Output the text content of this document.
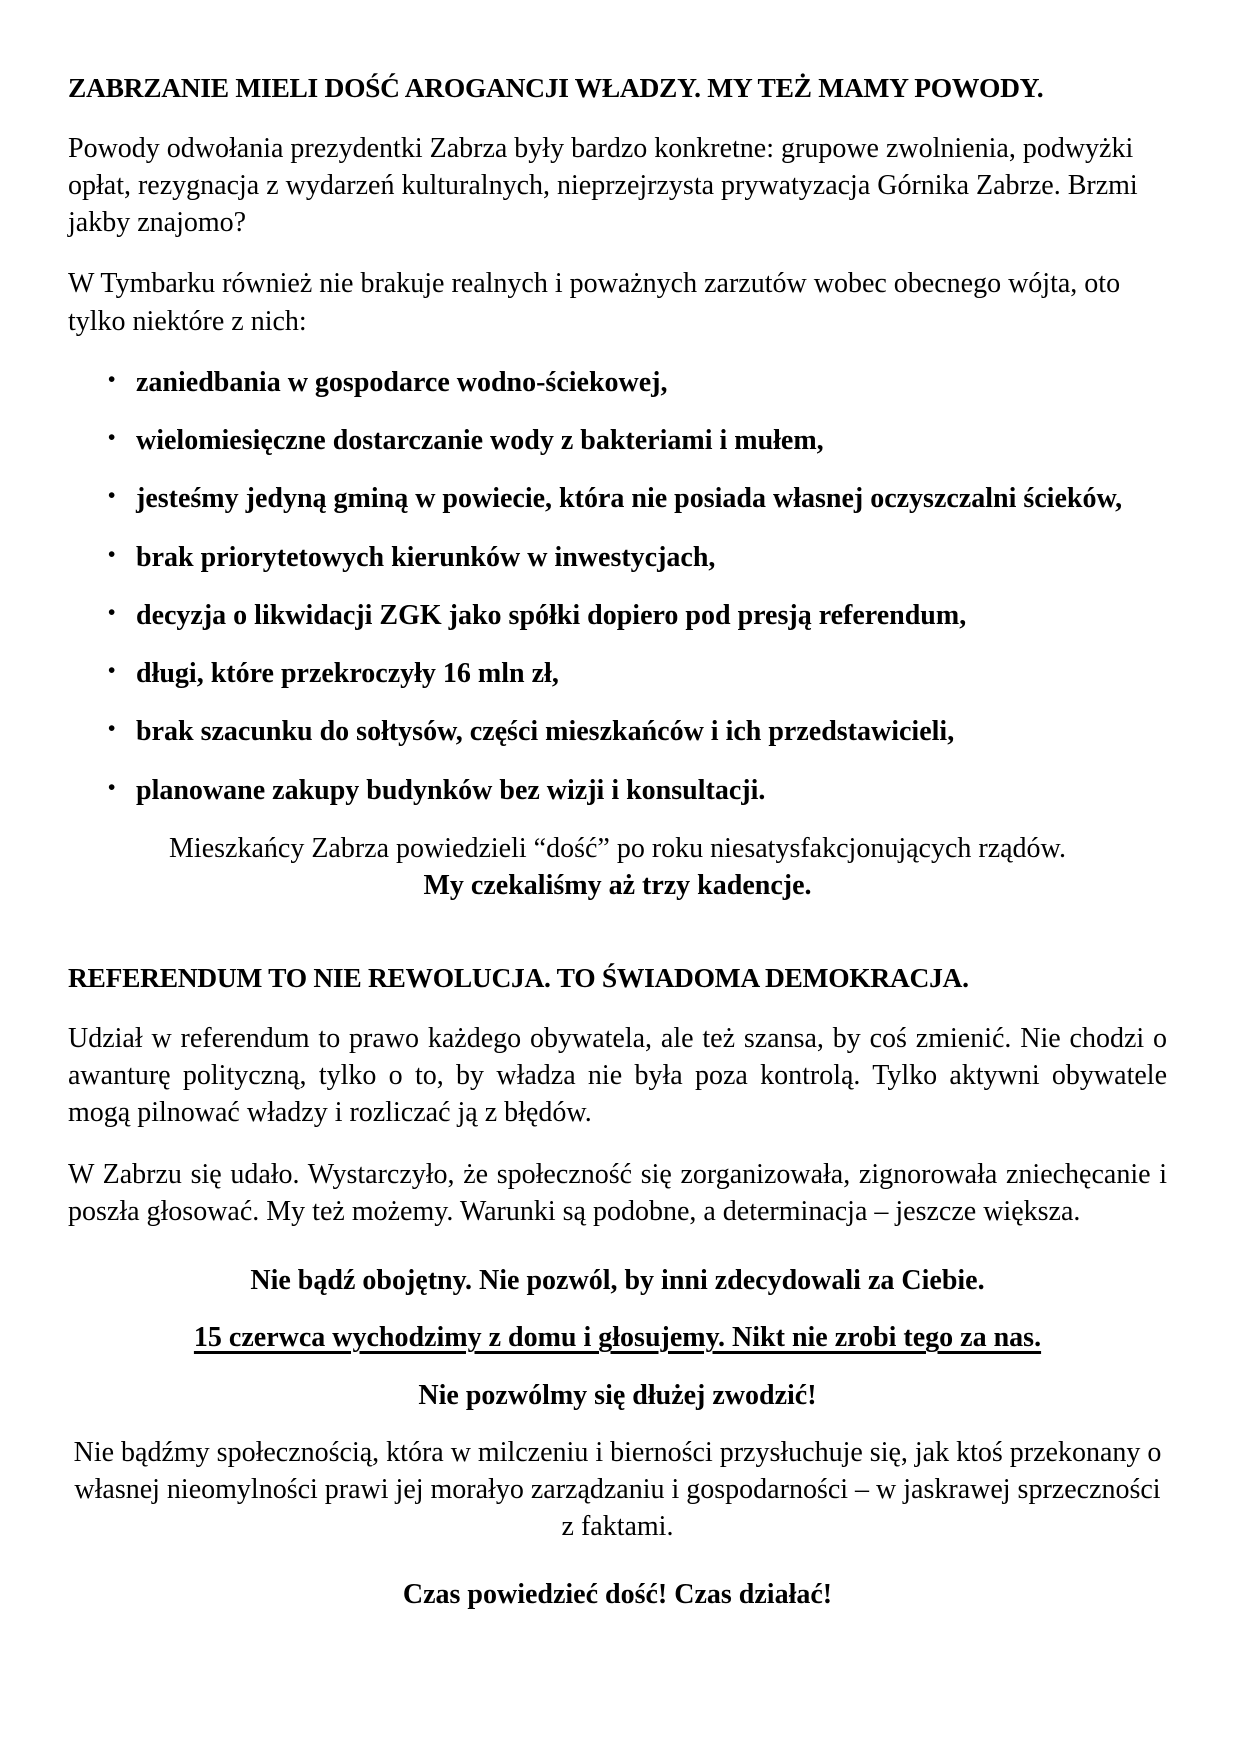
ZABRZANIE MIELI DOŚĆ AROGANCJI WŁADZY. MY TEŻ MAMY POWODY.

Powody odwołania prezydentki Zabrza były bardzo konkretne: grupowe zwolnienia, podwyżki opłat, rezygnacja z wydarzeń kulturalnych, nieprzejrzysta prywatyzacja Górnika Zabrze. Brzmi jakby znajomo?

W Tymbarku również nie brakuje realnych i poważnych zarzutów wobec obecnego wójta, oto tylko niektóre z nich:

• zaniedbania w gospodarce wodno-ściekowej,
• wielomiesięczne dostarczanie wody z bakteriami i mułem,
• jesteśmy jedyną gminą w powiecie, która nie posiada własnej oczyszczalni ścieków,
• brak priorytetowych kierunków w inwestycjach,
• decyzja o likwidacji ZGK jako spółki dopiero pod presją referendum,
• długi, które przekroczyły 16 mln zł,
• brak szacunku do sołtysów, części mieszkańców i ich przedstawicieli,
• planowane zakupy budynków bez wizji i konsultacji.

Mieszkańcy Zabrza powiedzieli “dość” po roku niesatysfakcjonujących rządów.
My czekaliśmy aż trzy kadencje.

REFERENDUM TO NIE REWOLUCJA. TO ŚWIADOMA DEMOKRACJA.

Udział w referendum to prawo każdego obywatela, ale też szansa, by coś zmienić. Nie chodzi o awanturę polityczną, tylko o to, by władza nie była poza kontrolą. Tylko aktywni obywatele mogą pilnować władzy i rozliczać ją z błędów.

W Zabrzu się udało. Wystarczyło, że społeczność się zorganizowała, zignorowała zniechęcanie i poszła głosować. My też możemy. Warunki są podobne, a determinacja – jeszcze większa.

Nie bądź obojętny. Nie pozwól, by inni zdecydowali za Ciebie.

15 czerwca wychodzimy z domu i głosujemy. Nikt nie zrobi tego za nas.

Nie pozwólmy się dłużej zwodzić!

Nie bądźmy społecznością, która w milczeniu i bierności przysłuchuje się, jak ktoś przekonany o własnej nieomylności prawi jej morałyo zarządzaniu i gospodarności – w jaskrawej sprzeczności z faktami.

Czas powiedzieć dość! Czas działać!
